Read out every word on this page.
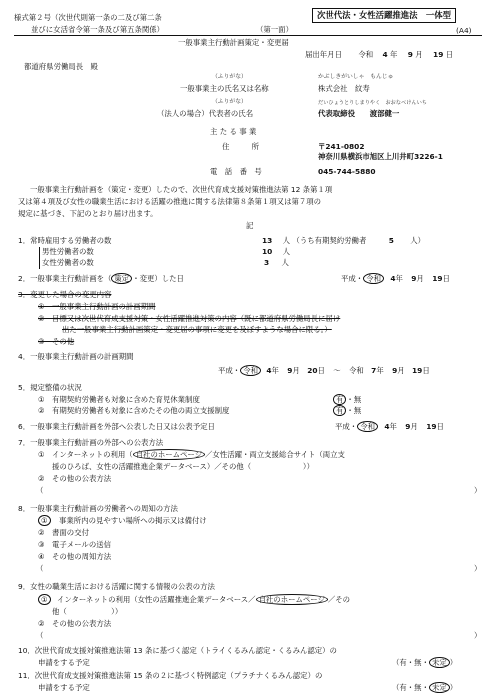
様式第２号（次世代則第一条の二及び第二条
並びに女活省令第一条及び第五条関係）	（第一面）
次世代法・女性活躍推進法　一体型
(A4)
一般事業主行動計画策定・変更届
届出年月日 令和 4 年 9 月 19 日
都道府県労働局長　殿
（ふりがな）	かぶしきがいしゃ　もんじゅ
一般事業主の氏名又は名称	株式会社　紋寿
（ふりがな）	だいひょうとりしまりやく　おおなべけんいち
（法人の場合）代表者の氏名	代表取締役　　渡部健一
主 た る 事 業
住　　　所	〒241-0802
神奈川県横浜市旭区上川井町3226-1
電　話　番　号	045-744-5880
一般事業主行動計画を（策定・変更）したので、次世代育成支援対策推進法第 12 条第１項
又は第４項及び女性の職業生活における活躍の推進に関する法律第８条第１項又は第７項の
規定に基づき、下記のとおり届け出ます。
記
1．常時雇用する労働者の数	13 人 （うち有期契約労働者	5 人）
男性労働者の数	10 人
女性労働者の数	3 人
2．一般事業主行動計画を（ 策定 ・変更）した日	平成・ 令和 4年 9月 19日
3．変更した場合の変更内容
①　一般事業主行動計画の計画期間
②　目標又は次世代育成支援対策・女性活躍推進対策の内容（既に都道府県労働局長に届け
出た一般事業主行動計画策定・変更届の事項に変更を及ぼすような場合に限る。）
③　その他
4．一般事業主行動計画の計画期間
平成・ 令和 4年 9月 20日 ～ 令和 7年 9月 19日
5．規定整備の状況
①　有期契約労働者も対象に含めた育児休業制度	有 ・無
②　有期契約労働者も対象に含めたその他の両立支援制度	有 ・無
6．一般事業主行動計画を外部へ公表した日又は公表予定日	平成・ 令和 4年 9月 19日
7．一般事業主行動計画の外部への公表方法
①　インターネットの利用（ 自社のホームページ ／女性活躍・両立支援総合サイト（両立支
援のひろば、女性の活躍推進企業データベース）／その他（　　　　　　　））
②　その他の公表方法
（	）
8．一般事業主行動計画の労働者への周知の方法
① 事業所内の見やすい場所への掲示又は備付け
②　書面の交付
③　電子メールの送信
④　その他の周知方法
（	）
9．女性の職業生活における活躍に関する情報の公表の方法
① インターネットの利用（女性の活躍推進企業データベース／ 自社のホームページ ／その
他（　　　　　　））
②　その他の公表方法
（	）
10．次世代育成支援対策推進法第 13 条に基づく認定（トライくるみん認定・くるみん認定）の
申請をする予定	（有・無・ 未定 ）
11．次世代育成支援対策推進法第 15 条の２に基づく特例認定（プラチナくるみん認定）の
申請をする予定	（有・無・ 未定 ）
